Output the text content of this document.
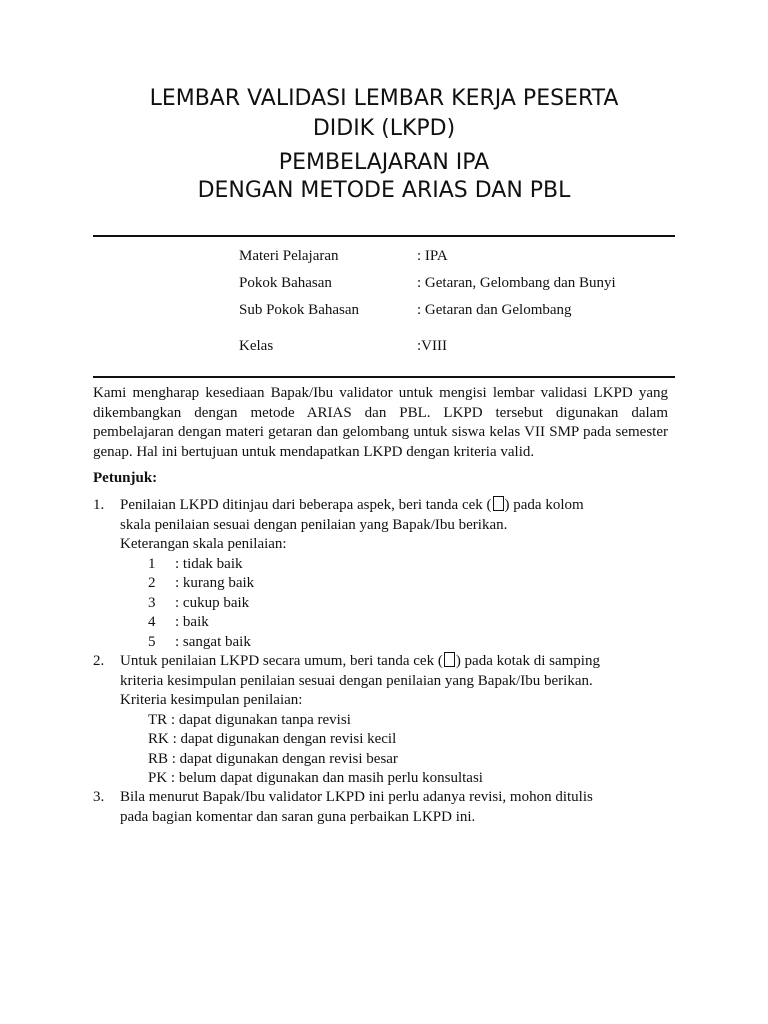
LEMBAR VALIDASI LEMBAR KERJA PESERTA
DIDIK (LKPD)
PEMBELAJARAN IPA
DENGAN METODE ARIAS DAN PBL
Materi Pelajaran	: IPA
Pokok Bahasan	: Getaran, Gelombang dan Bunyi
Sub Pokok Bahasan	: Getaran dan Gelombang
Kelas	:VIII
Kami mengharap kesediaan Bapak/Ibu validator untuk mengisi lembar validasi LKPD yang dikembangkan dengan metode ARIAS dan PBL. LKPD tersebut digunakan dalam pembelajaran dengan materi getaran dan gelombang untuk siswa kelas VII SMP pada semester genap. Hal ini bertujuan untuk mendapatkan LKPD dengan kriteria valid.
Petunjuk:
1. Penilaian LKPD ditinjau dari beberapa aspek, beri tanda cek ( ) pada kolom
skala penilaian sesuai dengan penilaian yang Bapak/Ibu berikan.
Keterangan skala penilaian:
1 : tidak baik
2 : kurang baik
3 : cukup baik
4 : baik
5 : sangat baik
2. Untuk penilaian LKPD secara umum, beri tanda cek ( ) pada kotak di samping
kriteria kesimpulan penilaian sesuai dengan penilaian yang Bapak/Ibu berikan.
Kriteria kesimpulan penilaian:
TR : dapat digunakan tanpa revisi
RK : dapat digunakan dengan revisi kecil
RB : dapat digunakan dengan revisi besar
PK : belum dapat digunakan dan masih perlu konsultasi
3. Bila menurut Bapak/Ibu validator LKPD ini perlu adanya revisi, mohon ditulis
pada bagian komentar dan saran guna perbaikan LKPD ini.
